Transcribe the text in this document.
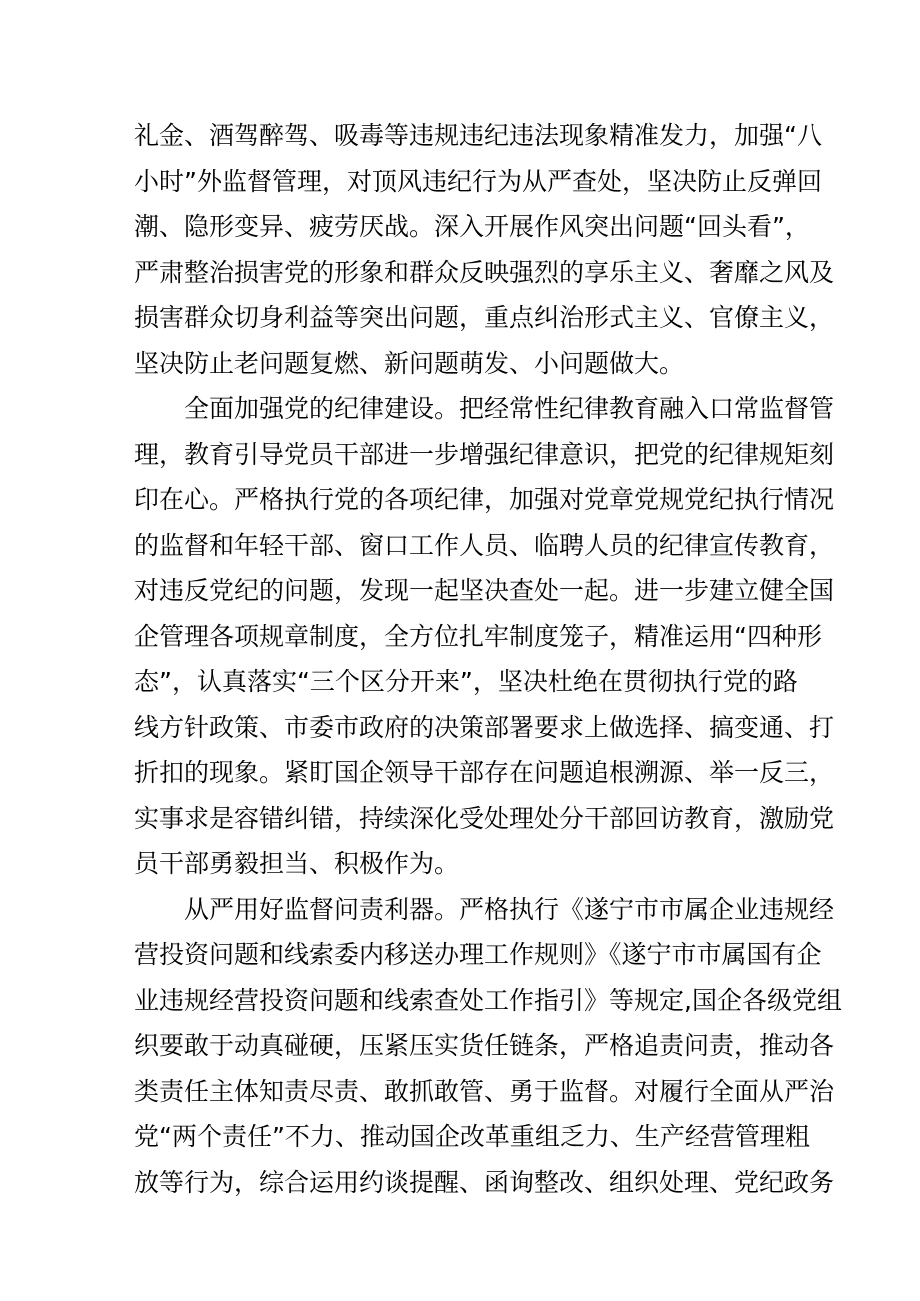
礼金、酒驾醉驾、吸毒等违规违纪违法现象精准发力，加强“八
小时”外监督管理，对顶风违纪行为从严查处，坚决防止反弹回
潮、隐形变异、疲劳厌战。深入开展作风突出问题“回头看”，
严肃整治损害党的形象和群众反映强烈的享乐主义、奢靡之风及
损害群众切身利益等突出问题，重点纠治形式主义、官僚主义，
坚决防止老问题复燃、新问题萌发、小问题做大。
全面加强党的纪律建设。把经常性纪律教育融入口常监督管
理，教育引导党员干部进一步增强纪律意识，把党的纪律规矩刻
印在心。严格执行党的各项纪律，加强对党章党规党纪执行情况
的监督和年轻干部、窗口工作人员、临聘人员的纪律宣传教育，
对违反党纪的问题，发现一起坚决查处一起。进一步建立健全国
企管理各项规章制度，全方位扎牢制度笼子，精准运用“四种形
态”，认真落实“三个区分开来”，坚决杜绝在贯彻执行党的路
线方针政策、市委市政府的决策部署要求上做选择、搞变通、打
折扣的现象。紧盯国企领导干部存在问题追根溯源、举一反三，
实事求是容错纠错，持续深化受处理处分干部回访教育，激励党
员干部勇毅担当、积极作为。
从严用好监督问责利器。严格执行《遂宁市市属企业违规经
营投资问题和线索委内移送办理工作规则》《遂宁市市属国有企
业违规经营投资问题和线索查处工作指引》等规定,国企各级党组
织要敢于动真碰硬，压紧压实货任链条，严格追责问责，推动各
类责任主体知责尽责、敢抓敢管、勇于监督。对履行全面从严治
党“两个责任”不力、推动国企改革重组乏力、生产经营管理粗
放等行为，综合运用约谈提醒、函询整改、组织处理、党纪政务
